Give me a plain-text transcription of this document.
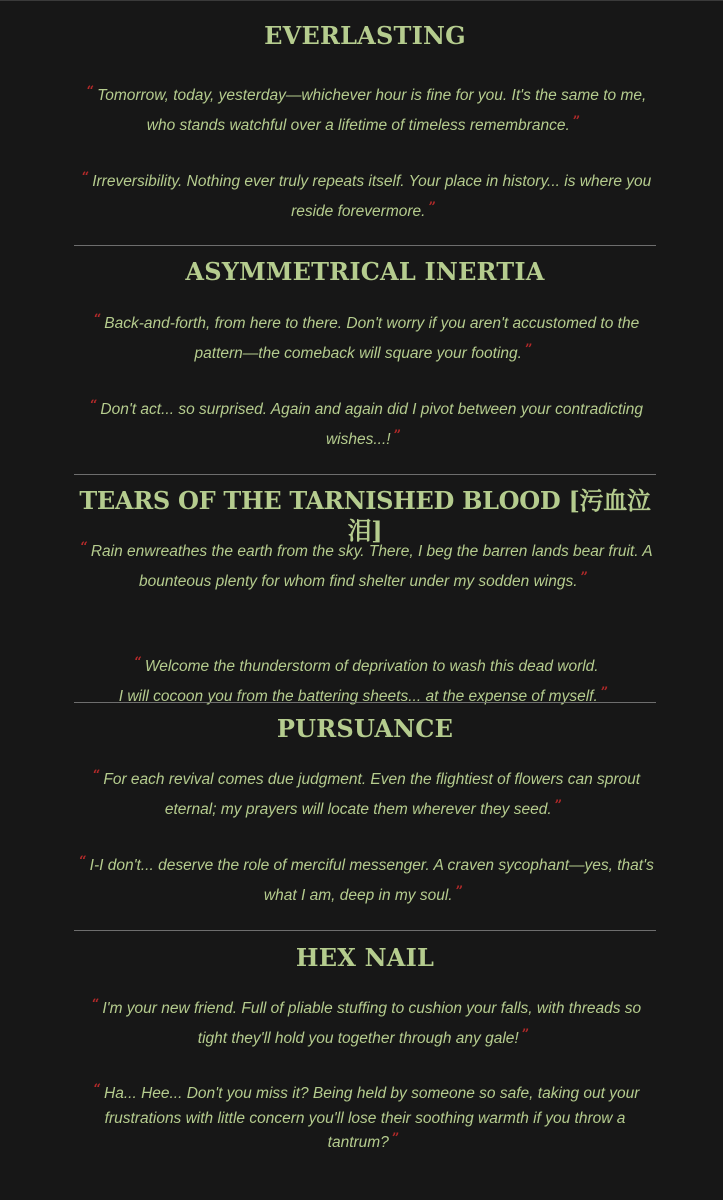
EVERLASTING

“ Tomorrow, today, yesterday—whichever hour is fine for you. It's the same to me, who stands watchful over a lifetime of timeless remembrance. ”

“ Irreversibility. Nothing ever truly repeats itself. Your place in history... is where you reside forevermore. ”

ASYMMETRICAL INERTIA

“ Back-and-forth, from here to there. Don't worry if you aren't accustomed to the pattern—the comeback will square your footing. ”

“ Don't act... so surprised. Again and again did I pivot between your contradicting wishes...! ”

TEARS OF THE TARNISHED BLOOD [污血泣泪]

“ Rain enwreathes the earth from the sky. There, I beg the barren lands bear fruit. A bounteous plenty for whom find shelter under my sodden wings. ”

“ Welcome the thunderstorm of deprivation to wash this dead world.
I will cocoon you from the battering sheets... at the expense of myself. ”

PURSUANCE

“ For each revival comes due judgment. Even the flightiest of flowers can sprout eternal; my prayers will locate them wherever they seed. ”

“ I-I don't... deserve the role of merciful messenger. A craven sycophant—yes, that's what I am, deep in my soul. ”

HEX NAIL

“ I'm your new friend. Full of pliable stuffing to cushion your falls, with threads so tight they'll hold you together through any gale! ”

“ Ha... Hee... Don't you miss it? Being held by someone so safe, taking out your frustrations with little concern you'll lose their soothing warmth if you throw a tantrum? ”
